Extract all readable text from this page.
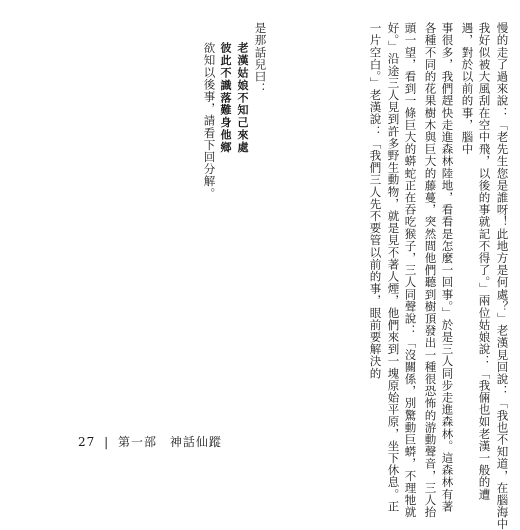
一片空白。」老漢說：「我們三人先不要管以前的事，眼前要解決的	慢的走了過來說：「老先生您是誰呀！此地方是何處？」老漢見回說：「我也不知道，在腦海中
我好似被大風刮在空中飛，以後的事就記不得了。」兩位姑娘說：「我倆也如老漢一般的遭
遇，對於以前的事，腦中
事很多，我們趕快走進森林陸地，看看是怎麼一回事。」於是三人同步走進森林。這森林有著
各種不同的花果樹木與巨大的藤蔓，突然間他們聽到樹頂發出一種很恐怖的游動聲音，三人抬
頭一望，看到一條巨大的蟒蛇正在吞吃猴子，三人同聲說：「沒關係，別驚動巨蟒，不理牠就
好。」沿途三人見到許多野生動物，就是見不著人煙，他們來到一塊原始平原，坐下休息。正
是那話兒曰：
老漢姑娘不知己來處
彼此不識落難身他鄉
欲知以後事，請看下回分解。
27 | 第一部 神話仙蹤
